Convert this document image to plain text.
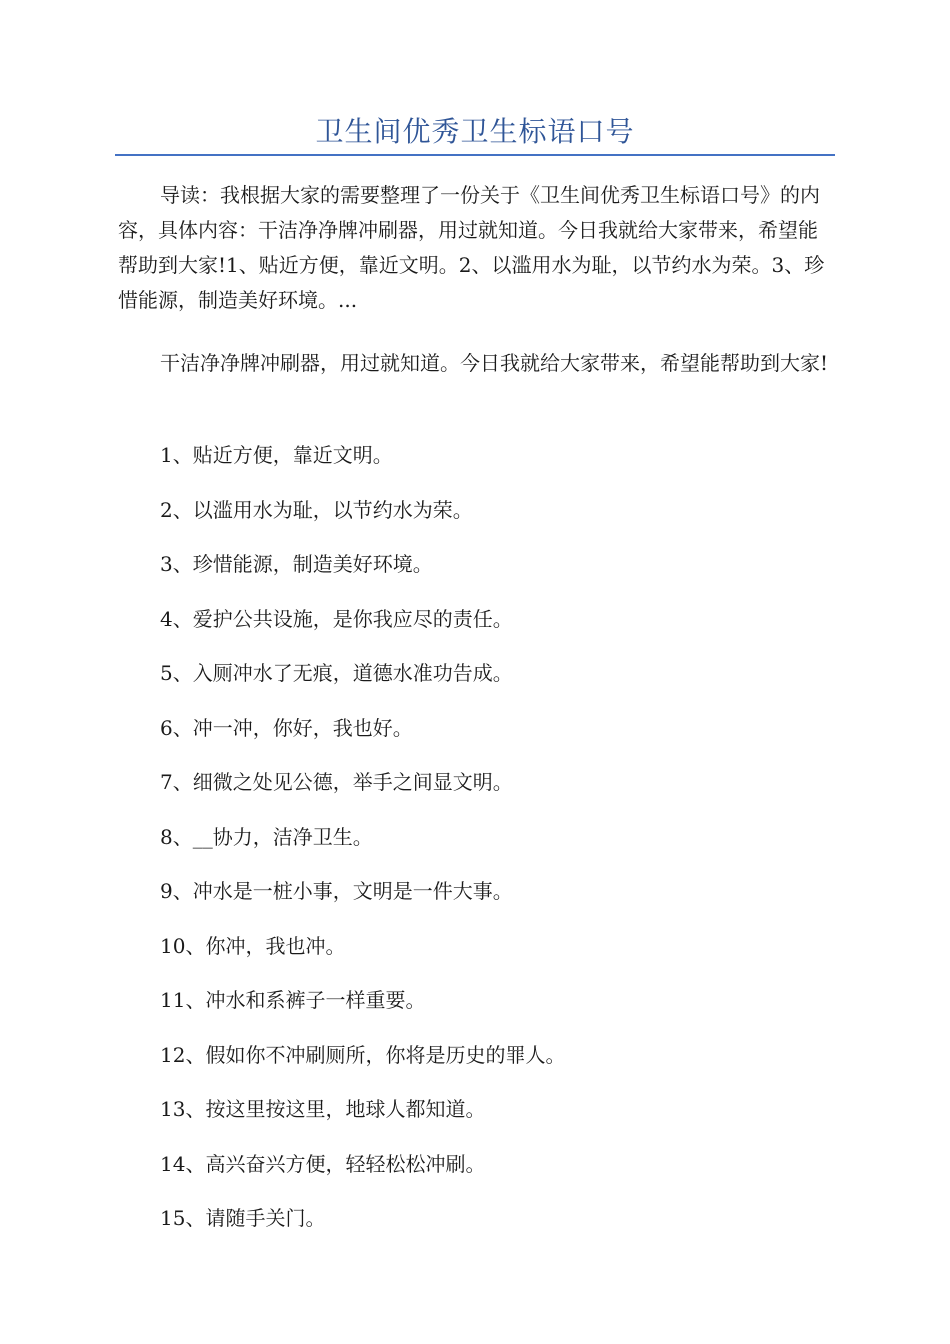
卫生间优秀卫生标语口号

导读：我根据大家的需要整理了一份关于《卫生间优秀卫生标语口号》的内容，具体内容：干洁净净牌冲刷器，用过就知道。今日我就给大家带来，希望能帮助到大家!1、贴近方便，靠近文明。2、以滥用水为耻，以节约水为荣。3、珍惜能源，制造美好环境。...

干洁净净牌冲刷器，用过就知道。今日我就给大家带来，希望能帮助到大家!

1、贴近方便，靠近文明。
2、以滥用水为耻，以节约水为荣。
3、珍惜能源，制造美好环境。
4、爱护公共设施，是你我应尽的责任。
5、入厕冲水了无痕，道德水准功告成。
6、冲一冲，你好，我也好。
7、细微之处见公德，举手之间显文明。
8、__协力，洁净卫生。
9、冲水是一桩小事，文明是一件大事。
10、你冲，我也冲。
11、冲水和系裤子一样重要。
12、假如你不冲刷厕所，你将是历史的罪人。
13、按这里按这里，地球人都知道。
14、高兴奋兴方便，轻轻松松冲刷。
15、请随手关门。
